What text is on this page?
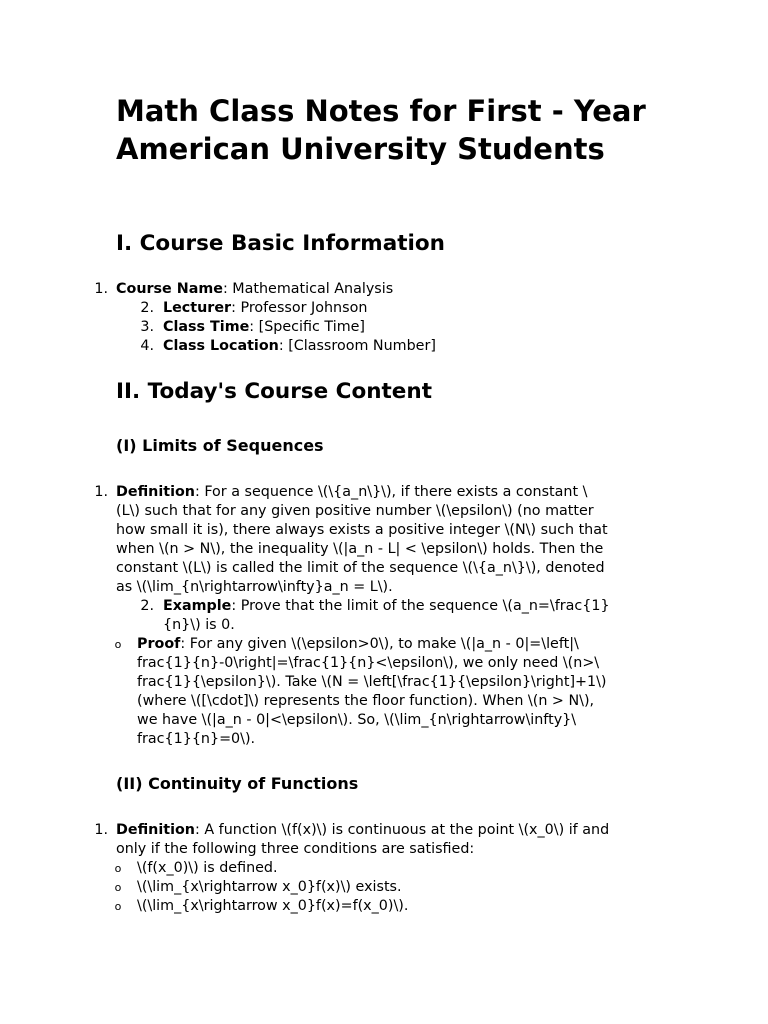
Math Class Notes for First - Year American University Students
I. Course Basic Information
1. Course Name: Mathematical Analysis
2. Lecturer: Professor Johnson
3. Class Time: [Specific Time]
4. Class Location: [Classroom Number]
II. Today's Course Content
(I) Limits of Sequences
1. Definition: For a sequence \(\{a_n\}\), if there exists a constant \
(L\) such that for any given positive number \(\epsilon\) (no matter
how small it is), there always exists a positive integer \(N\) such that
when \(n > N\), the inequality \(|a_n - L| < \epsilon\) holds. Then the
constant \(L\) is called the limit of the sequence \(\{a_n\}\), denoted
as \(\lim_{n\rightarrow\infty}a_n = L\).
2. Example: Prove that the limit of the sequence \(a_n=\frac{1}
{n}\) is 0.
o Proof: For any given \(\epsilon>0\), to make \(|a_n - 0|=\left|\
frac{1}{n}-0\right|=\frac{1}{n}<\epsilon\), we only need \(n>\
frac{1}{\epsilon}\). Take \(N = \left[\frac{1}{\epsilon}\right]+1\)
(where \([\cdot]\) represents the floor function). When \(n > N\),
we have \(|a_n - 0|<\epsilon\). So, \(\lim_{n\rightarrow\infty}\
frac{1}{n}=0\).
(II) Continuity of Functions
1. Definition: A function \(f(x)\) is continuous at the point \(x_0\) if and
only if the following three conditions are satisfied:
o \(f(x_0)\) is defined.
o \(\lim_{x\rightarrow x_0}f(x)\) exists.
o \(\lim_{x\rightarrow x_0}f(x)=f(x_0)\).
